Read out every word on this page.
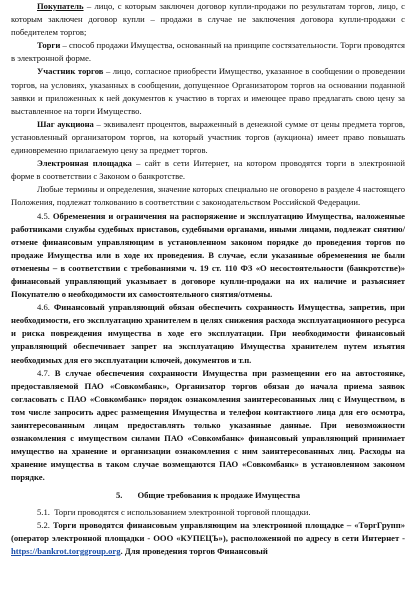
Покупатель – лицо, с которым заключен договор купли-продажи по результатам торгов, лицо, с которым заключен договор купли – продажи в случае не заключения договора купли-продажи с победителем торгов;

Торги – способ продажи Имущества, основанный на принципе состязательности. Торги проводятся в электронной форме.

Участник торгов – лицо, согласное приобрести Имущество, указанное в сообщении о проведении торгов, на условиях, указанных в сообщении, допущенное Организатором торгов на основании поданной заявки и приложенных к ней документов к участию в торгах и имеющее право предлагать свою цену за выставленное на торги Имущество.

Шаг аукциона – эквивалент процентов, выраженный в денежной сумме от цены предмета торгов, установленный организатором торгов, на который участник торгов (аукциона) имеет право повышать единовременно прилагаемую цену за предмет торгов.

Электронная площадка – сайт в сети Интернет, на котором проводятся торги в электронной форме в соответствии с Законом о банкротстве.

Любые термины и определения, значение которых специально не оговорено в разделе 4 настоящего Положения, подлежат толкованию в соответствии с законодательством Российской Федерации.

4.5. Обременения и ограничения на распоряжение и эксплуатацию Имущества, наложенные работниками службы судебных приставов, судебными органами, иными лицами, подлежат снятию/отмене финансовым управляющим в установленном законом порядке до проведения торгов по продаже Имущества или в ходе их проведения. В случае, если указанные обременения не были отменены – в соответствии с требованиями ч. 19 ст. 110 ФЗ «О несостоятельности (банкротстве)» финансовый управляющий указывает в договоре купли-продажи на их наличие и разъясняет Покупателю о необходимости их самостоятельного снятия/отмены.

4.6. Финансовый управляющий обязан обеспечить сохранность Имущества, запретив, при необходимости, его эксплуатацию хранителем в целях снижения расхода эксплуатационного ресурса и риска повреждения имущества в ходе его эксплуатации. При необходимости финансовый управляющий обеспечивает запрет на эксплуатацию Имущества хранителем путем изъятия необходимых для его эксплуатации ключей, документов и т.п.

4.7. В случае обеспечения сохранности Имущества при размещении его на автостоянке, предоставляемой ПАО «Совкомбанк», Организатор торгов обязан до начала приема заявок согласовать с ПАО «Совкомбанк» порядок ознакомления заинтересованных лиц с Имуществом, в том числе запросить адрес размещения Имущества и телефон контактного лица для его осмотра, заинтересованным лицам предоставлять только указанные данные. При невозможности ознакомления с имуществом силами ПАО «Совкомбанк» финансовый управляющий принимает имущество на хранение и организации ознакомления с ним заинтересованных лиц. Расходы на хранение имущества в таком случае возмещаются ПАО «Совкомбанк» в установленном законом порядке.

5. Общие требования к продаже Имущества

5.1. Торги проводятся с использованием электронной торговой площадки.

5.2. Торги проводятся финансовым управляющим на электронной площадке – «ТоргГрупп» (оператор электронной площадки - ООО «КУПЕЦЪ»), расположенной по адресу в сети Интернет - https://bankrot.torggroup.org. Для проведения торгов Финансовый
